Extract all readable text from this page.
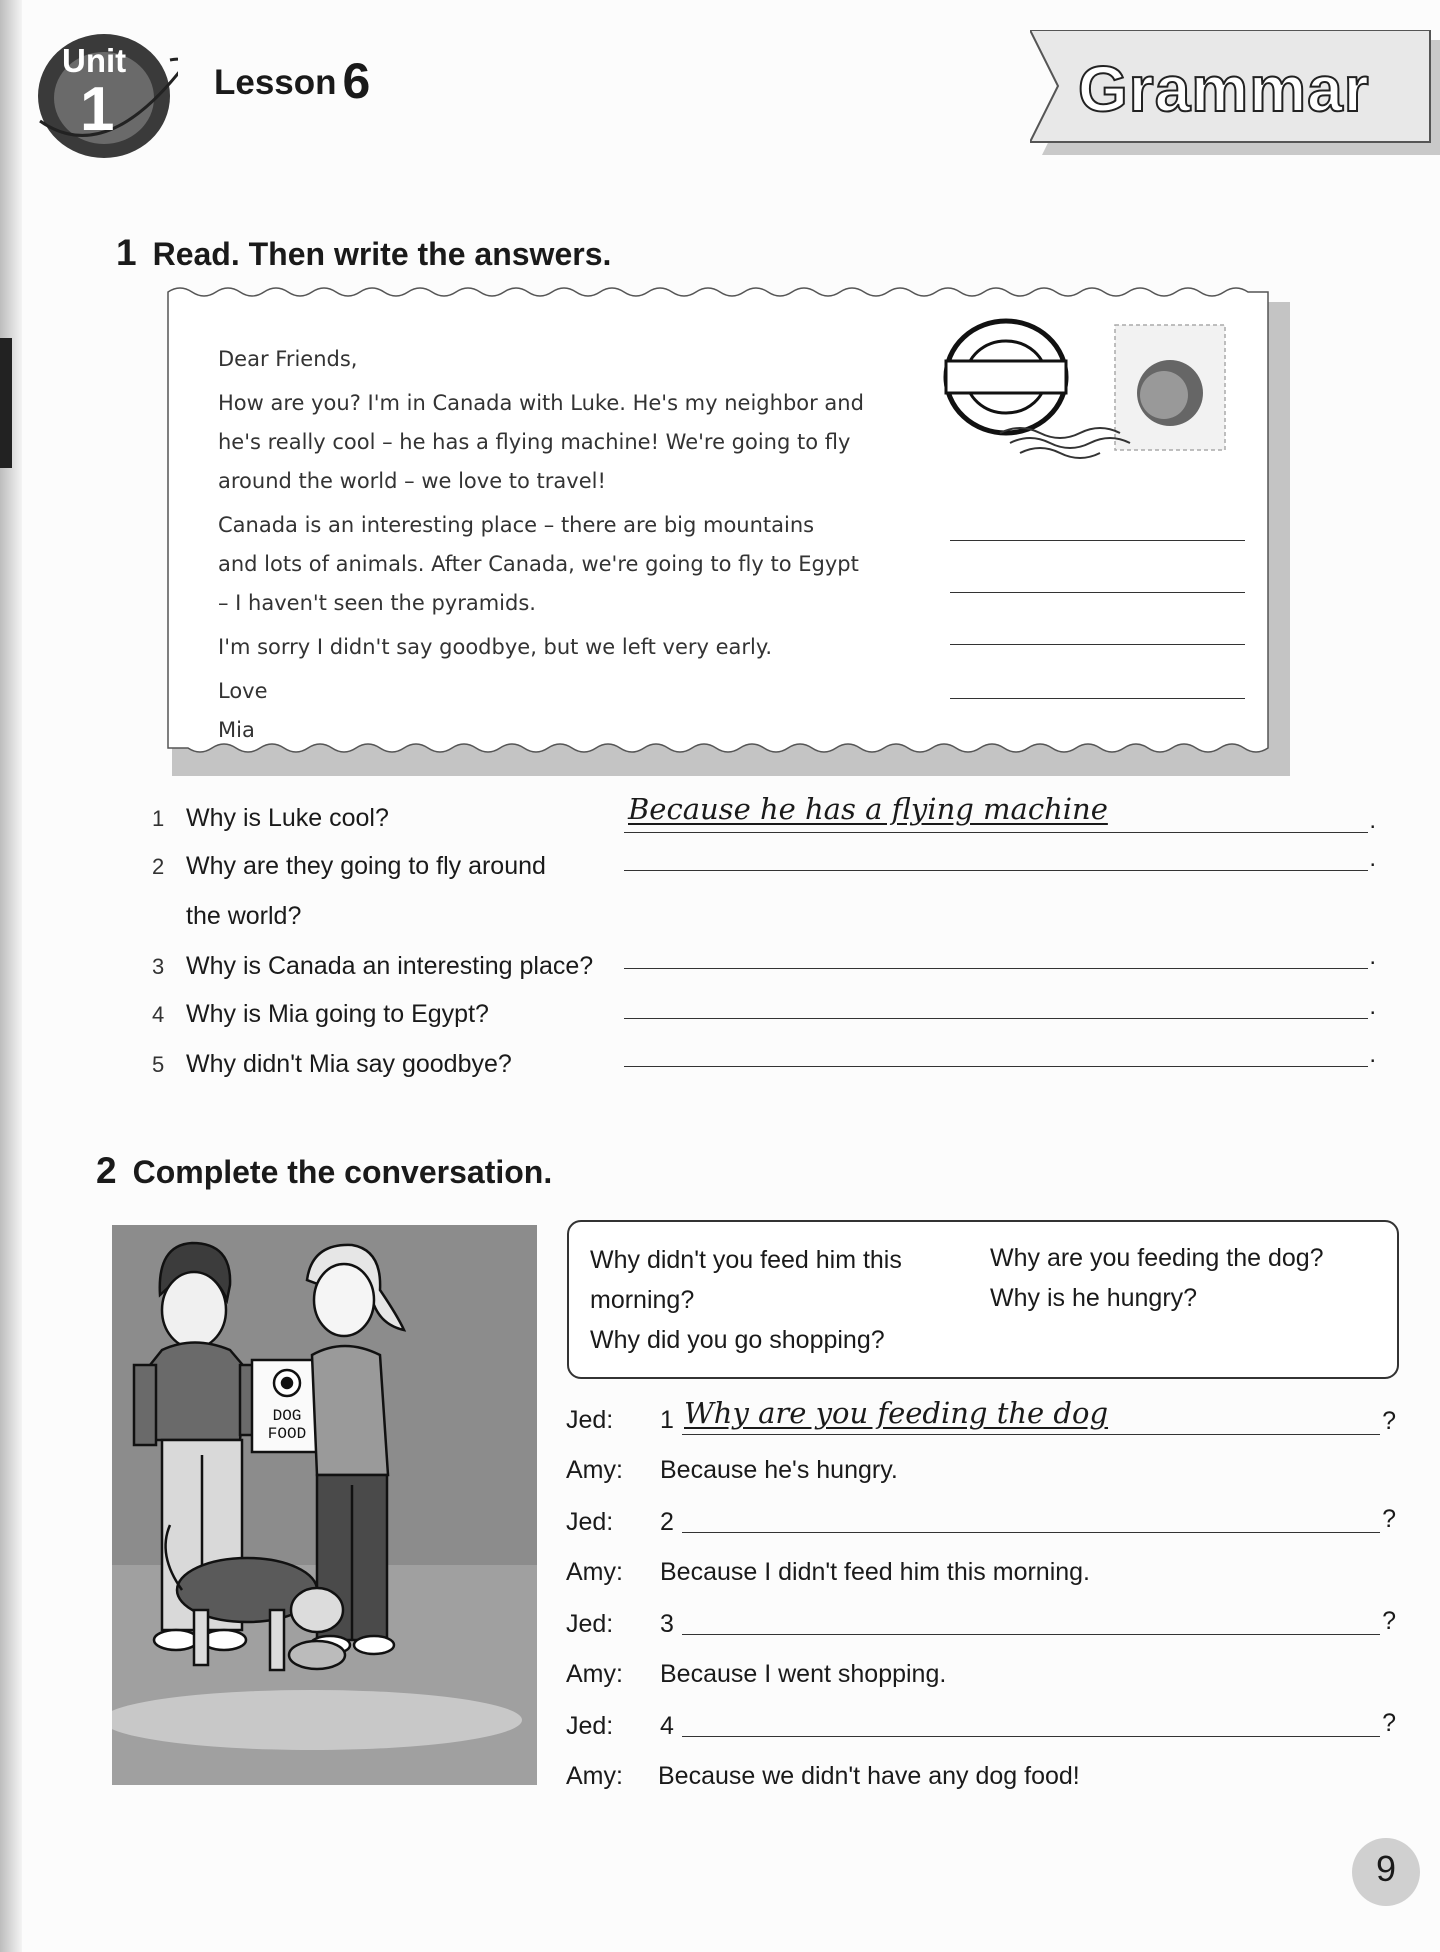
Unit
1	Lesson 6	Grammar
1 Read. Then write the answers.

Dear Friends,

How are you? I'm in Canada with Luke. He's my neighbor and

he's really cool – he has a flying machine! We're going to fly

around the world – we love to travel!

Canada is an interesting place – there are big mountains

and lots of animals. After Canada, we're going to fly to Egypt

– I haven't seen the pyramids.

I'm sorry I didn't say goodbye, but we left very early.

Love

Mia

1 Why is Luke cool?	Because he has a flying machine	.
2 Why are they going to fly around
the world?
.
3 Why is Canada an interesting place?	.
4 Why is Mia going to Egypt?	.
5 Why didn't Mia say goodbye?	.
2 Complete the conversation.
DOG
FOOD
Why didn't you feed him this
morning?
Why did you go shopping?
Why are you feeding the dog?
Why is he hungry?
Jed: 1 Why are you feeding the dog	?
Amy: Because he's hungry.
Jed: 2	?
Amy: Because I didn't feed him this morning.
Jed: 3	?
Amy: Because I went shopping.
Jed: 4	?
Amy: Because we didn't have any dog food!
9
